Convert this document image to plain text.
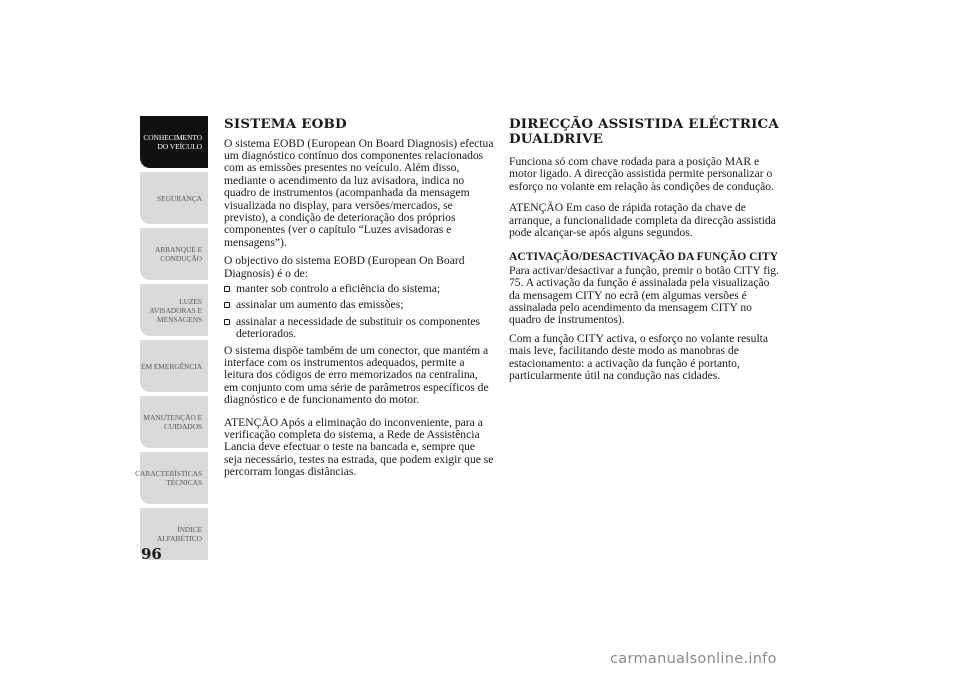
CONHECIMENTO
DO VEÍCULO
SEGURANÇA
ARRANQUE E
CONDUÇÃO
LUZES
AVISADORAS E
MENSAGENS
EM EMERGÊNCIA
MANUTENÇÃO E
CUIDADOS
CARACTERÍSTICAS
TÉCNICAS
ÍNDICE
ALFABÉTICO
96
SISTEMA EOBD

O sistema EOBD (European On Board Diagnosis) efectua um diagnóstico contínuo dos componentes relacionados com as emissões presentes no veículo. Além disso, mediante o acendimento da luz avisadora, indica no quadro de instrumentos (acompanhada da mensagem visualizada no display, para versões/mercados, se previsto), a condição de deterioração dos próprios componentes (ver o capítulo “Luzes avisadoras e mensagens”).

O objectivo do sistema EOBD (European On Board Diagnosis) é o de:

manter sob controlo a eficiência do sistema;
assinalar um aumento das emissões;
assinalar a necessidade de substituir os componentes deteriorados.

O sistema dispõe também de um conector, que mantém a interface com os instrumentos adequados, permite a leitura dos códigos de erro memorizados na centralina, em conjunto com uma série de parâmetros específicos de diagnóstico e de funcionamento do motor.

ATENÇÃO Após a eliminação do inconveniente, para a verificação completa do sistema, a Rede de Assistência Lancia deve efectuar o teste na bancada e, sempre que seja necessário, testes na estrada, que podem exigir que se percorram longas distâncias.

DIRECÇÃO ASSISTIDA ELÉCTRICA DUALDRIVE

Funciona só com chave rodada para a posição MAR e motor ligado. A direcção assistida permite personalizar o esforço no volante em relação às condições de condução.

ATENÇÃO Em caso de rápida rotação da chave de arranque, a funcionalidade completa da direcção assistida pode alcançar-se após alguns segundos.

ACTIVAÇÃO/DESACTIVAÇÃO DA FUNÇÃO CITY

Para activar/desactivar a função, premir o botão CITY fig. 75. A activação da função é assinalada pela visualização da mensagem CITY no ecrã (em algumas versões é assinalada pelo acendimento da mensagem CITY no quadro de instrumentos).

Com a função CITY activa, o esforço no volante resulta mais leve, facilitando deste modo as manobras de estacionamento: a activação da função é portanto, particularmente útil na condução nas cidades.

carmanualsonline.info
